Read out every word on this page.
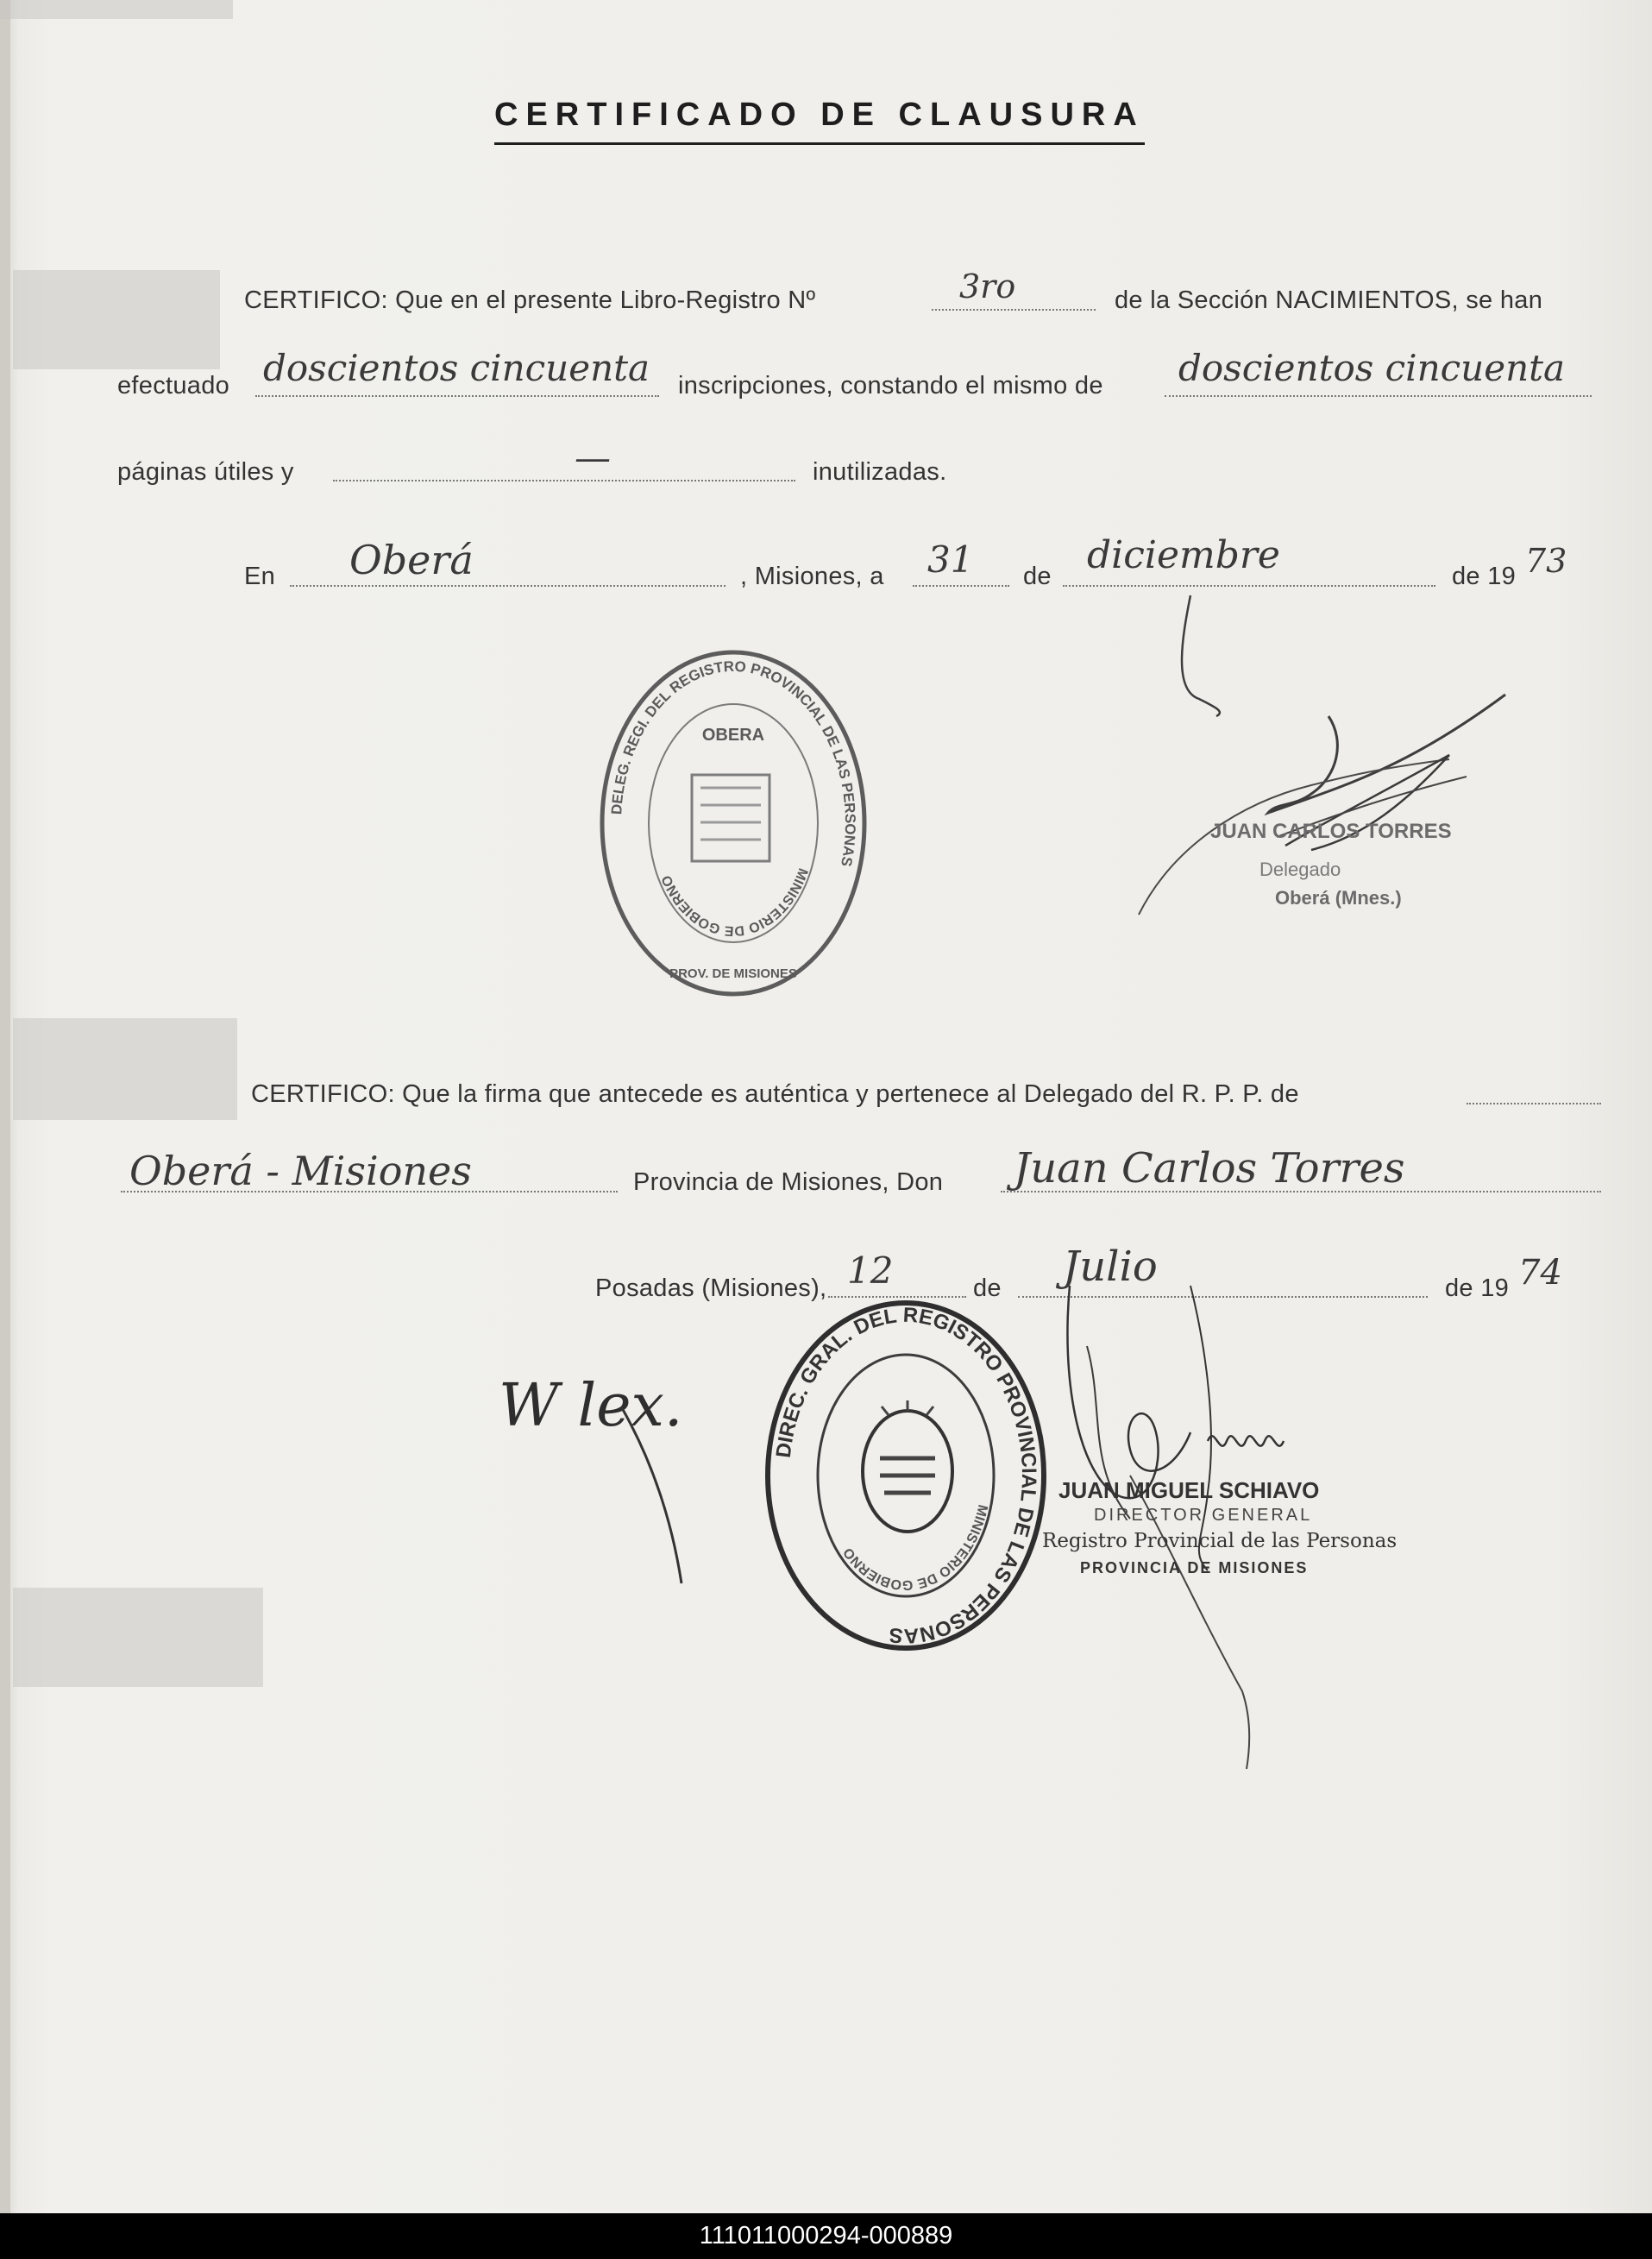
CERTIFICADO DE CLAUSURA
CERTIFICO: Que en el presente Libro-Registro Nº	3ro	de la Sección NACIMIENTOS, se han
efectuado doscientos cincuenta inscripciones, constando el mismo de doscientos cincuenta
páginas útiles y	—	inutilizadas.
En Oberá	, Misiones, a 31 de diciembre	de 19 73
DELEG. REGI. DEL REGISTRO PROVINCIAL DE LAS PERSONAS
OBERA
MINISTERIO DE GOBIERNO
PROV. DE MISIONES
JUAN CARLOS TORRES
Delegado
Oberá (Mnes.)
CERTIFICO: Que la firma que antecede es auténtica y pertenece al Delegado del R. P. P. de
Oberá - Misiones	Provincia de Misiones, Don Juan Carlos Torres
Posadas (Misiones), 12	de Julio	de 19 74
DIREC. GRAL. DEL REGISTRO PROVINCIAL DE LAS PERSONAS
MINISTERIO DE GOBIERNO
JUAN MIGUEL SCHIAVO
DIRECTOR GENERAL
Registro Provincial de las Personas
PROVINCIA DE MISIONES
W lex.
111011000294-000889
